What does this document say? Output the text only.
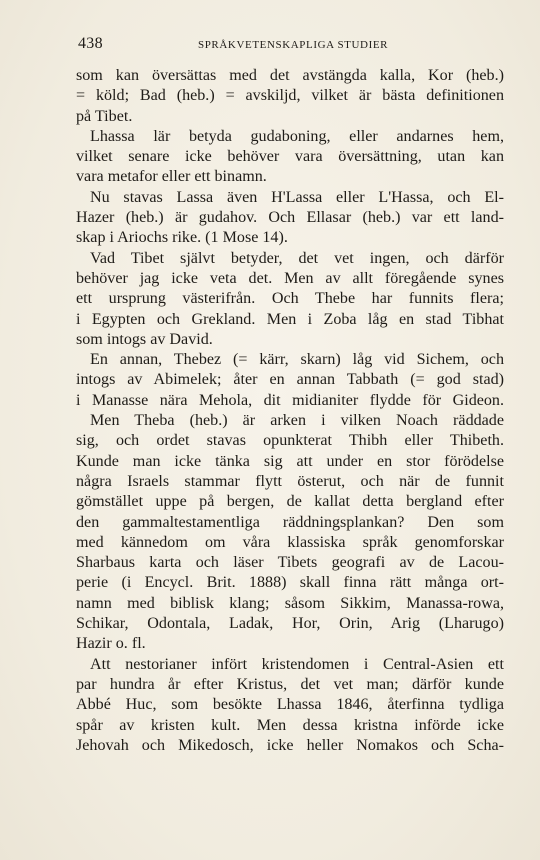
438	SPRÅKVETENSKAPLIGA STUDIER
som kan översättas med det avstängda kalla, Kor (heb.)
= köld; Bad (heb.) = avskiljd, vilket är bästa definitionen
på Tibet.
Lhassa lär betyda gudaboning, eller andarnes hem,
vilket senare icke behöver vara översättning, utan kan
vara metafor eller ett binamn.
Nu stavas Lassa även H'Lassa eller L'Hassa, och El-
Hazer (heb.) är gudahov. Och Ellasar (heb.) var ett land-
skap i Ariochs rike. (1 Mose 14).
Vad Tibet självt betyder, det vet ingen, och därför
behöver jag icke veta det. Men av allt föregående synes
ett ursprung västerifrån. Och Thebe har funnits flera;
i Egypten och Grekland. Men i Zoba låg en stad Tibhat
som intogs av David.
En annan, Thebez (= kärr, skarn) låg vid Sichem, och
intogs av Abimelek; åter en annan Tabbath (= god stad)
i Manasse nära Mehola, dit midianiter flydde för Gideon.
Men Theba (heb.) är arken i vilken Noach räddade
sig, och ordet stavas opunkterat Thibh eller Thibeth.
Kunde man icke tänka sig att under en stor förödelse
några Israels stammar flytt österut, och när de funnit
gömstället uppe på bergen, de kallat detta bergland efter
den gammaltestamentliga räddningsplankan? Den som
med kännedom om våra klassiska språk genomforskar
Sharbaus karta och läser Tibets geografi av de Lacou-
perie (i Encycl. Brit. 1888) skall finna rätt många ort-
namn med biblisk klang; såsom Sikkim, Manassa-rowa,
Schikar, Odontala, Ladak, Hor, Orin, Arig (Lharugo)
Hazir o. fl.
Att nestorianer infört kristendomen i Central-Asien ett
par hundra år efter Kristus, det vet man; därför kunde
Abbé Huc, som besökte Lhassa 1846, återfinna tydliga
spår av kristen kult. Men dessa kristna införde icke
Jehovah och Mikedosch, icke heller Nomakos och Scha-
